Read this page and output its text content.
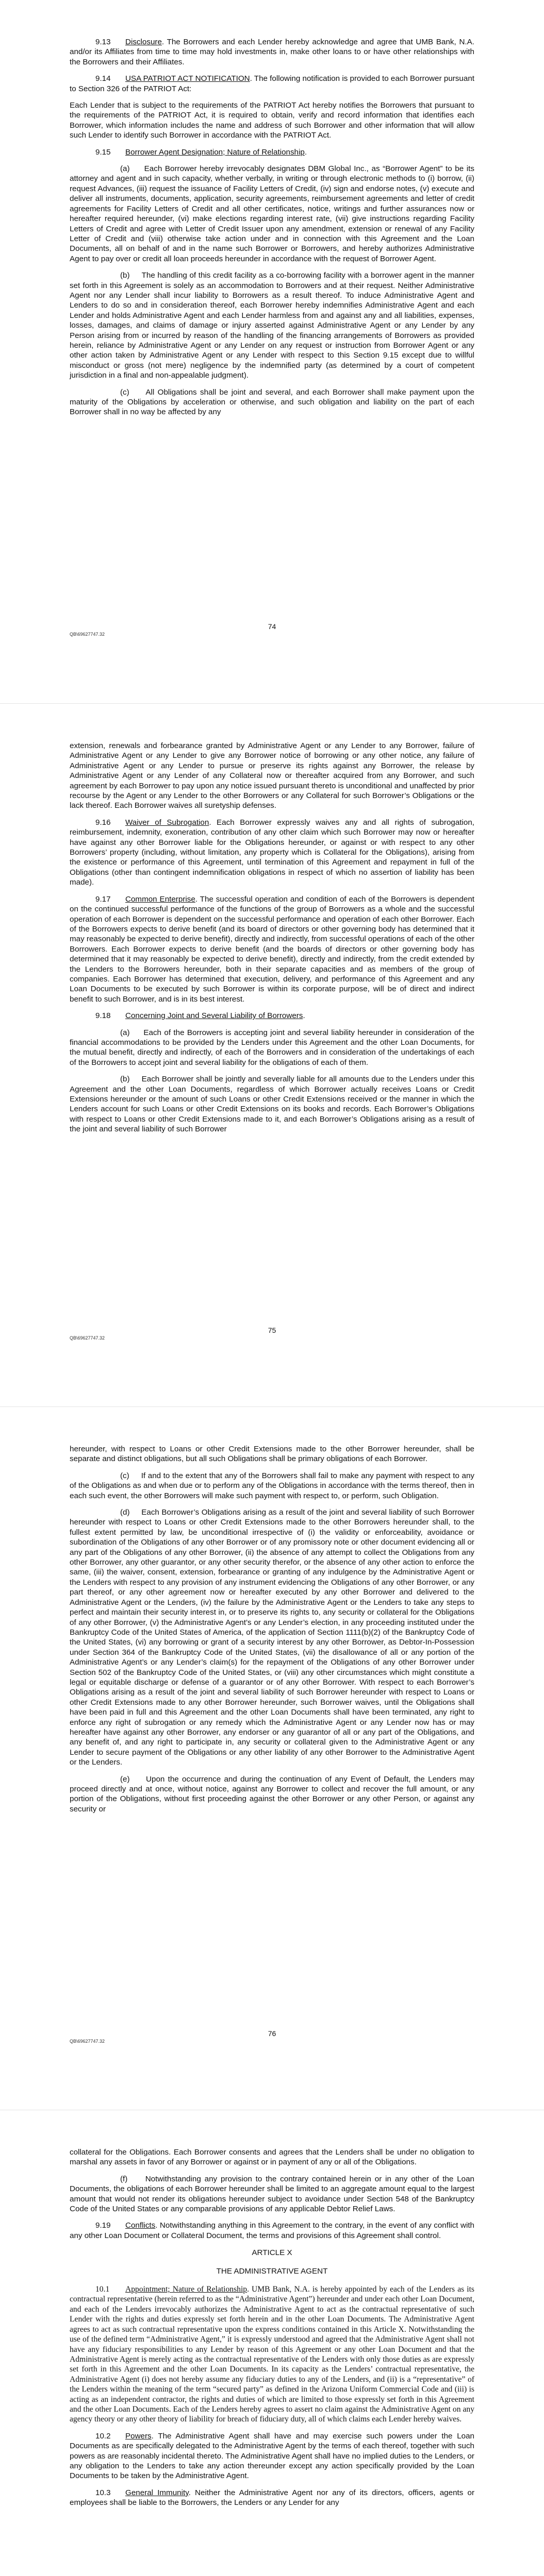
9.13 Disclosure. The Borrowers and each Lender hereby acknowledge and agree that UMB Bank, N.A. and/or its Affiliates from time to time may hold investments in, make other loans to or have other relationships with the Borrowers and their Affiliates.

9.14 USA PATRIOT ACT NOTIFICATION. The following notification is provided to each Borrower pursuant to Section 326 of the PATRIOT Act:

Each Lender that is subject to the requirements of the PATRIOT Act hereby notifies the Borrowers that pursuant to the requirements of the PATRIOT Act, it is required to obtain, verify and record information that identifies each Borrower, which information includes the name and address of such Borrower and other information that will allow such Lender to identify such Borrower in accordance with the PATRIOT Act.

9.15 Borrower Agent Designation; Nature of Relationship.

(a)     Each Borrower hereby irrevocably designates DBM Global Inc., as “Borrower Agent” to be its attorney and agent and in such capacity, whether verbally, in writing or through electronic methods to (i) borrow, (ii) request Advances, (iii) request the issuance of Facility Letters of Credit, (iv) sign and endorse notes, (v) execute and deliver all instruments, documents, application, security agreements, reimbursement agreements and letter of credit agreements for Facility Letters of Credit and all other certificates, notice, writings and further assurances now or hereafter required hereunder, (vi) make elections regarding interest rate, (vii) give instructions regarding Facility Letters of Credit and agree with Letter of Credit Issuer upon any amendment, extension or renewal of any Facility Letter of Credit and (viii) otherwise take action under and in connection with this Agreement and the Loan Documents, all on behalf of and in the name such Borrower or Borrowers, and hereby authorizes Administrative Agent to pay over or credit all loan proceeds hereunder in accordance with the request of Borrower Agent.

(b)     The handling of this credit facility as a co-borrowing facility with a borrower agent in the manner set forth in this Agreement is solely as an accommodation to Borrowers and at their request. Neither Administrative Agent nor any Lender shall incur liability to Borrowers as a result thereof. To induce Administrative Agent and Lenders to do so and in consideration thereof, each Borrower hereby indemnifies Administrative Agent and each Lender and holds Administrative Agent and each Lender harmless from and against any and all liabilities, expenses, losses, damages, and claims of damage or injury asserted against Administrative Agent or any Lender by any Person arising from or incurred by reason of the handling of the financing arrangements of Borrowers as provided herein, reliance by Administrative Agent or any Lender on any request or instruction from Borrower Agent or any other action taken by Administrative Agent or any Lender with respect to this Section 9.15 except due to willful misconduct or gross (not mere) negligence by the indemnified party (as determined by a court of competent jurisdiction in a final and non-appealable judgment).

(c)     All Obligations shall be joint and several, and each Borrower shall make payment upon the maturity of the Obligations by acceleration or otherwise, and such obligation and liability on the part of each Borrower shall in no way be affected by any

74
QB\69627747.32

extension, renewals and forbearance granted by Administrative Agent or any Lender to any Borrower, failure of Administrative Agent or any Lender to give any Borrower notice of borrowing or any other notice, any failure of Administrative Agent or any Lender to pursue or preserve its rights against any Borrower, the release by Administrative Agent or any Lender of any Collateral now or thereafter acquired from any Borrower, and such agreement by each Borrower to pay upon any notice issued pursuant thereto is unconditional and unaffected by prior recourse by the Agent or any Lender to the other Borrowers or any Collateral for such Borrower’s Obligations or the lack thereof. Each Borrower waives all suretyship defenses.

9.16 Waiver of Subrogation. Each Borrower expressly waives any and all rights of subrogation, reimbursement, indemnity, exoneration, contribution of any other claim which such Borrower may now or hereafter have against any other Borrower liable for the Obligations hereunder, or against or with respect to any other Borrowers’ property (including, without limitation, any property which is Collateral for the Obligations), arising from the existence or performance of this Agreement, until termination of this Agreement and repayment in full of the Obligations (other than contingent indemnification obligations in respect of which no assertion of liability has been made).

9.17 Common Enterprise. The successful operation and condition of each of the Borrowers is dependent on the continued successful performance of the functions of the group of Borrowers as a whole and the successful operation of each Borrower is dependent on the successful performance and operation of each other Borrower. Each of the Borrowers expects to derive benefit (and its board of directors or other governing body has determined that it may reasonably be expected to derive benefit), directly and indirectly, from successful operations of each of the other Borrowers. Each Borrower expects to derive benefit (and the boards of directors or other governing body has determined that it may reasonably be expected to derive benefit), directly and indirectly, from the credit extended by the Lenders to the Borrowers hereunder, both in their separate capacities and as members of the group of companies. Each Borrower has determined that execution, delivery, and performance of this Agreement and any Loan Documents to be executed by such Borrower is within its corporate purpose, will be of direct and indirect benefit to such Borrower, and is in its best interest.

9.18 Concerning Joint and Several Liability of Borrowers.

(a)     Each of the Borrowers is accepting joint and several liability hereunder in consideration of the financial accommodations to be provided by the Lenders under this Agreement and the other Loan Documents, for the mutual benefit, directly and indirectly, of each of the Borrowers and in consideration of the undertakings of each of the Borrowers to accept joint and several liability for the obligations of each of them.

(b)     Each Borrower shall be jointly and severally liable for all amounts due to the Lenders under this Agreement and the other Loan Documents, regardless of which Borrower actually receives Loans or Credit Extensions hereunder or the amount of such Loans or other Credit Extensions received or the manner in which the Lenders account for such Loans or other Credit Extensions on its books and records. Each Borrower’s Obligations with respect to Loans or other Credit Extensions made to it, and each Borrower’s Obligations arising as a result of the joint and several liability of such Borrower

75
QB\69627747.32

hereunder, with respect to Loans or other Credit Extensions made to the other Borrower hereunder, shall be separate and distinct obligations, but all such Obligations shall be primary obligations of each Borrower.

(c)     If and to the extent that any of the Borrowers shall fail to make any payment with respect to any of the Obligations as and when due or to perform any of the Obligations in accordance with the terms thereof, then in each such event, the other Borrowers will make such payment with respect to, or perform, such Obligation.

(d)     Each Borrower’s Obligations arising as a result of the joint and several liability of such Borrower hereunder with respect to Loans or other Credit Extensions made to the other Borrowers hereunder shall, to the fullest extent permitted by law, be unconditional irrespective of (i) the validity or enforceability, avoidance or subordination of the Obligations of any other Borrower or of any promissory note or other document evidencing all or any part of the Obligations of any other Borrower, (ii) the absence of any attempt to collect the Obligations from any other Borrower, any other guarantor, or any other security therefor, or the absence of any other action to enforce the same, (iii) the waiver, consent, extension, forbearance or granting of any indulgence by the Administrative Agent or the Lenders with respect to any provision of any instrument evidencing the Obligations of any other Borrower, or any part thereof, or any other agreement now or hereafter executed by any other Borrower and delivered to the Administrative Agent or the Lenders, (iv) the failure by the Administrative Agent or the Lenders to take any steps to perfect and maintain their security interest in, or to preserve its rights to, any security or collateral for the Obligations of any other Borrower, (v) the Administrative Agent’s or any Lender’s election, in any proceeding instituted under the Bankruptcy Code of the United States of America, of the application of Section 1111(b)(2) of the Bankruptcy Code of the United States, (vi) any borrowing or grant of a security interest by any other Borrower, as Debtor-In-Possession under Section 364 of the Bankruptcy Code of the United States, (vii) the disallowance of all or any portion of the Administrative Agent’s or any Lender’s claim(s) for the repayment of the Obligations of any other Borrower under Section 502 of the Bankruptcy Code of the United States, or (viii) any other circumstances which might constitute a legal or equitable discharge or defense of a guarantor or of any other Borrower. With respect to each Borrower’s Obligations arising as a result of the joint and several liability of such Borrower hereunder with respect to Loans or other Credit Extensions made to any other Borrower hereunder, such Borrower waives, until the Obligations shall have been paid in full and this Agreement and the other Loan Documents shall have been terminated, any right to enforce any right of subrogation or any remedy which the Administrative Agent or any Lender now has or may hereafter have against any other Borrower, any endorser or any guarantor of all or any part of the Obligations, and any benefit of, and any right to participate in, any security or collateral given to the Administrative Agent or any Lender to secure payment of the Obligations or any other liability of any other Borrower to the Administrative Agent or the Lenders.

(e)     Upon the occurrence and during the continuation of any Event of Default, the Lenders may proceed directly and at once, without notice, against any Borrower to collect and recover the full amount, or any portion of the Obligations, without first proceeding against the other Borrower or any other Person, or against any security or

76
QB\69627747.32

collateral for the Obligations. Each Borrower consents and agrees that the Lenders shall be under no obligation to marshal any assets in favor of any Borrower or against or in payment of any or all of the Obligations.

(f)     Notwithstanding any provision to the contrary contained herein or in any other of the Loan Documents, the obligations of each Borrower hereunder shall be limited to an aggregate amount equal to the largest amount that would not render its obligations hereunder subject to avoidance under Section 548 of the Bankruptcy Code of the United States or any comparable provisions of any applicable Debtor Relief Laws.

9.19 Conflicts. Notwithstanding anything in this Agreement to the contrary, in the event of any conflict with any other Loan Document or Collateral Document, the terms and provisions of this Agreement shall control.

ARTICLE X

THE ADMINISTRATIVE AGENT

10.1 Appointment; Nature of Relationship. UMB Bank, N.A. is hereby appointed by each of the Lenders as its contractual representative (herein referred to as the “Administrative Agent”) hereunder and under each other Loan Document, and each of the Lenders irrevocably authorizes the Administrative Agent to act as the contractual representative of such Lender with the rights and duties expressly set forth herein and in the other Loan Documents. The Administrative Agent agrees to act as such contractual representative upon the express conditions contained in this Article X. Notwithstanding the use of the defined term “Administrative Agent,” it is expressly understood and agreed that the Administrative Agent shall not have any fiduciary responsibilities to any Lender by reason of this Agreement or any other Loan Document and that the Administrative Agent is merely acting as the contractual representative of the Lenders with only those duties as are expressly set forth in this Agreement and the other Loan Documents. In its capacity as the Lenders’ contractual representative, the Administrative Agent (i) does not hereby assume any fiduciary duties to any of the Lenders, and (ii) is a “representative” of the Lenders within the meaning of the term “secured party” as defined in the Arizona Uniform Commercial Code and (iii) is acting as an independent contractor, the rights and duties of which are limited to those expressly set forth in this Agreement and the other Loan Documents. Each of the Lenders hereby agrees to assert no claim against the Administrative Agent on any agency theory or any other theory of liability for breach of fiduciary duty, all of which claims each Lender hereby waives.

10.2 Powers. The Administrative Agent shall have and may exercise such powers under the Loan Documents as are specifically delegated to the Administrative Agent by the terms of each thereof, together with such powers as are reasonably incidental thereto. The Administrative Agent shall have no implied duties to the Lenders, or any obligation to the Lenders to take any action thereunder except any action specifically provided by the Loan Documents to be taken by the Administrative Agent.

10.3 General Immunity. Neither the Administrative Agent nor any of its directors, officers, agents or employees shall be liable to the Borrowers, the Lenders or any Lender for any
